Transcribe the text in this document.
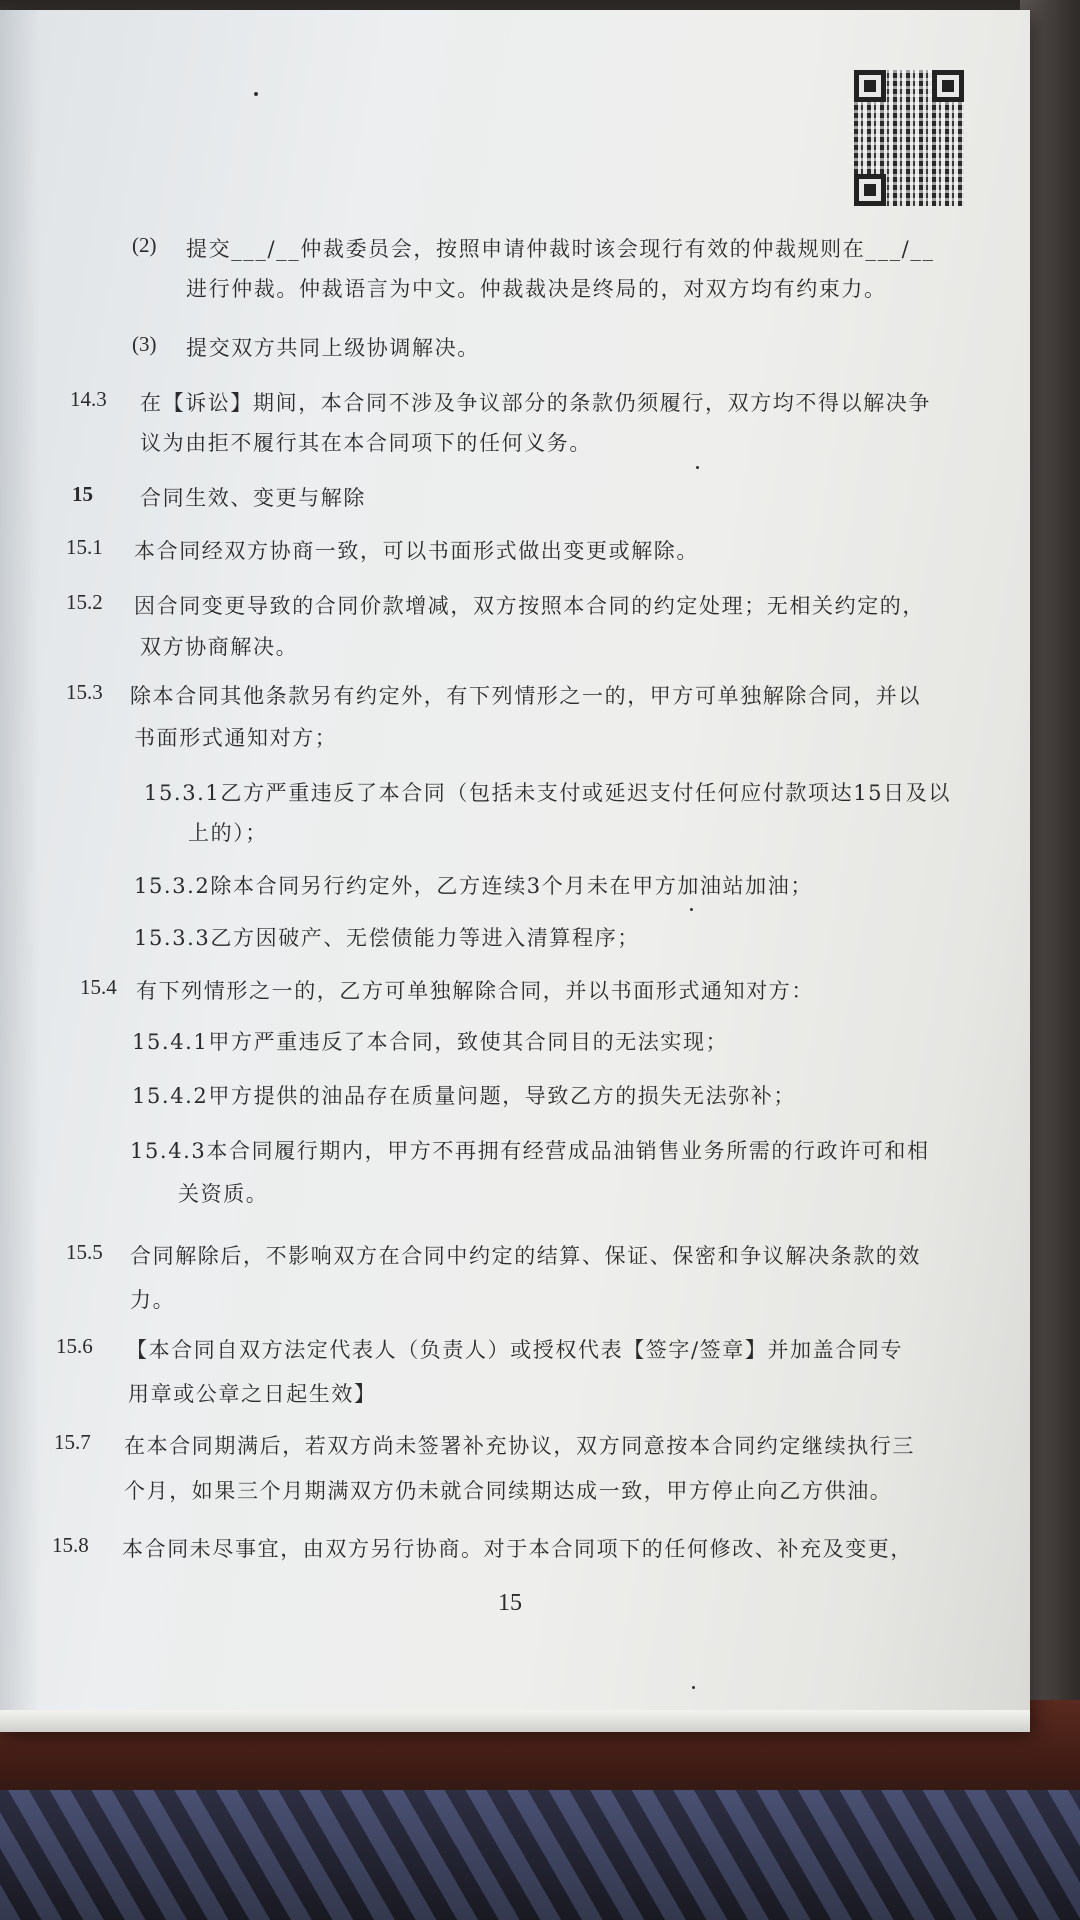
(2)
(3)
14.3
15
15.1
15.2
15.3
15.4
15.5
15.6
15.7
15.8
提交___/__仲裁委员会，按照申请仲裁时该会现行有效的仲裁规则在___/__
进行仲裁。仲裁语言为中文。仲裁裁决是终局的，对双方均有约束力。
提交双方共同上级协调解决。
在【诉讼】期间，本合同不涉及争议部分的条款仍须履行，双方均不得以解决争
议为由拒不履行其在本合同项下的任何义务。
合同生效、变更与解除
本合同经双方协商一致，可以书面形式做出变更或解除。
因合同变更导致的合同价款增减，双方按照本合同的约定处理；无相关约定的，
双方协商解决。
除本合同其他条款另有约定外，有下列情形之一的，甲方可单独解除合同，并以
书面形式通知对方；
15.3.1乙方严重违反了本合同（包括未支付或延迟支付任何应付款项达15日及以
上的）；
15.3.2除本合同另行约定外，乙方连续3个月未在甲方加油站加油；
15.3.3乙方因破产、无偿债能力等进入清算程序；
有下列情形之一的，乙方可单独解除合同，并以书面形式通知对方：
15.4.1甲方严重违反了本合同，致使其合同目的无法实现；
15.4.2甲方提供的油品存在质量问题，导致乙方的损失无法弥补；
15.4.3本合同履行期内，甲方不再拥有经营成品油销售业务所需的行政许可和相
关资质。
合同解除后，不影响双方在合同中约定的结算、保证、保密和争议解决条款的效
力。
【本合同自双方法定代表人（负责人）或授权代表【签字/签章】并加盖合同专
用章或公章之日起生效】
在本合同期满后，若双方尚未签署补充协议，双方同意按本合同约定继续执行三
个月，如果三个月期满双方仍未就合同续期达成一致，甲方停止向乙方供油。
本合同未尽事宜，由双方另行协商。对于本合同项下的任何修改、补充及变更，
15
